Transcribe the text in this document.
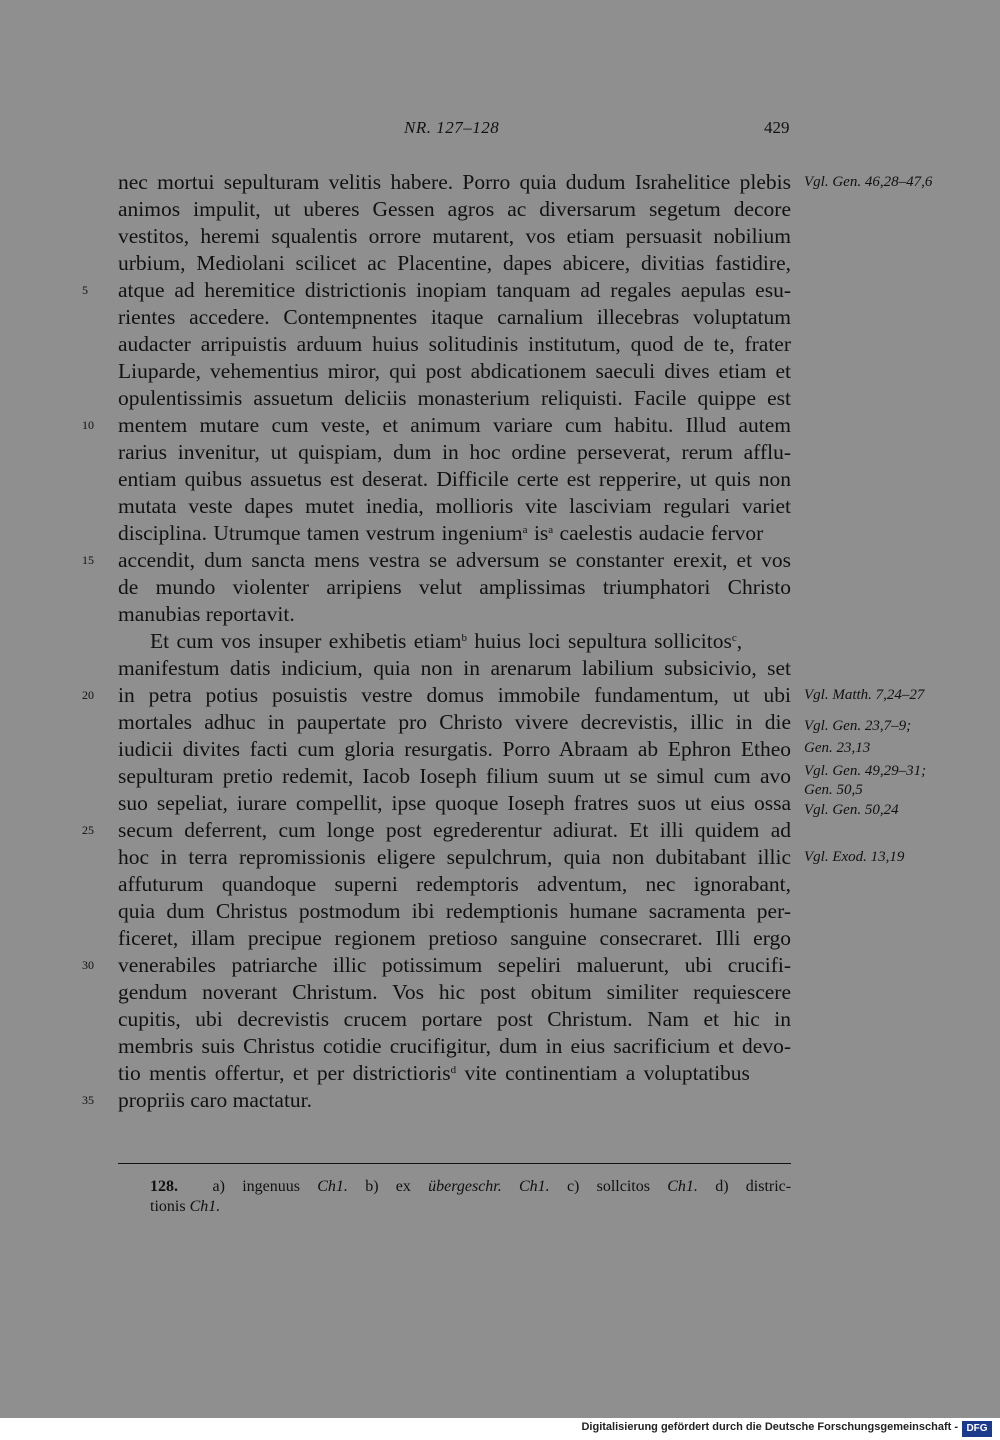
NR. 127–128	429
nec mortui sepulturam velitis habere. Porro quia dudum Israhelitice plebis
animos impulit, ut uberes Gessen agros ac diversarum segetum decore
vestitos, heremi squalentis orrore mutarent, vos etiam persuasit nobilium
urbium, Mediolani scilicet ac Placentine, dapes abicere, divitias fastidire,
atque ad heremitice districtionis inopiam tanquam ad regales aepulas esu-
rientes accedere. Contempnentes itaque carnalium illecebras voluptatum
audacter arripuistis arduum huius solitudinis institutum, quod de te, frater
Liuparde, vehementius miror, qui post abdicationem saeculi dives etiam et
opulentissimis assuetum deliciis monasterium reliquisti. Facile quippe est
mentem mutare cum veste, et animum variare cum habitu. Illud autem
rarius invenitur, ut quispiam, dum in hoc ordine perseverat, rerum afflu-
entiam quibus assuetus est deserat. Difficile certe est repperire, ut quis non
mutata veste dapes mutet inedia, mollioris vite lasciviam regulari variet
disciplina. Utrumque tamen vestrum ingenium$^a$ $is^a$ caelestis audacie fervor
accendit, dum sancta mens vestra se adversum se constanter erexit, et vos
de mundo violenter arripiens velut amplissimas triumphatori Christo
manubias reportavit.
Et cum vos insuper exhibetis etiam$^b$ huius loci sepultura sollicitos$^c$,
manifestum datis indicium, quia non in arenarum labilium subsicivio, set
in petra potius posuistis vestre domus immobile fundamentum, ut ubi
mortales adhuc in paupertate pro Christo vivere decrevistis, illic in die
iudicii divites facti cum gloria resurgatis. Porro Abraam ab Ephron Etheo
sepulturam pretio redemit, Iacob Ioseph filium suum ut se simul cum avo
suo sepeliat, iurare compellit, ipse quoque Ioseph fratres suos ut eius ossa
secum deferrent, cum longe post egrederentur adiurat. Et illi quidem ad
hoc in terra repromissionis eligere sepulchrum, quia non dubitabant illic
affuturum quandoque superni redemptoris adventum, nec ignorabant,
quia dum Christus postmodum ibi redemptionis humane sacramenta per-
ficeret, illam precipue regionem pretioso sanguine consecraret. Illi ergo
venerabiles patriarche illic potissimum sepeliri maluerunt, ubi crucifi-
gendum noverant Christum. Vos hic post obitum similiter requiescere
cupitis, ubi decrevistis crucem portare post Christum. Nam et hic in
membris suis Christus cotidie crucifigitur, dum in eius sacrificium et devo-
tio mentis offertur, et per districtioris$^d$ vite continentiam a voluptatibus
propriis caro mactatur.
5
10
15
20
25
30
35
Vgl. Gen. 46,28–47,6
Vgl. Matth. 7,24–27
Vgl. Gen. 23,7–9;
Gen. 23,13
Vgl. Gen. 49,29–31;
Gen. 50,5
Vgl. Gen. 50,24
Vgl. Exod. 13,19
128. a) ingenuus Ch1. b) ex übergeschr. Ch1. c) sollcitos Ch1. d) distric-
tionis Ch1.
Digitalisierung gefördert durch die Deutsche Forschungsgemeinschaft - DFG
